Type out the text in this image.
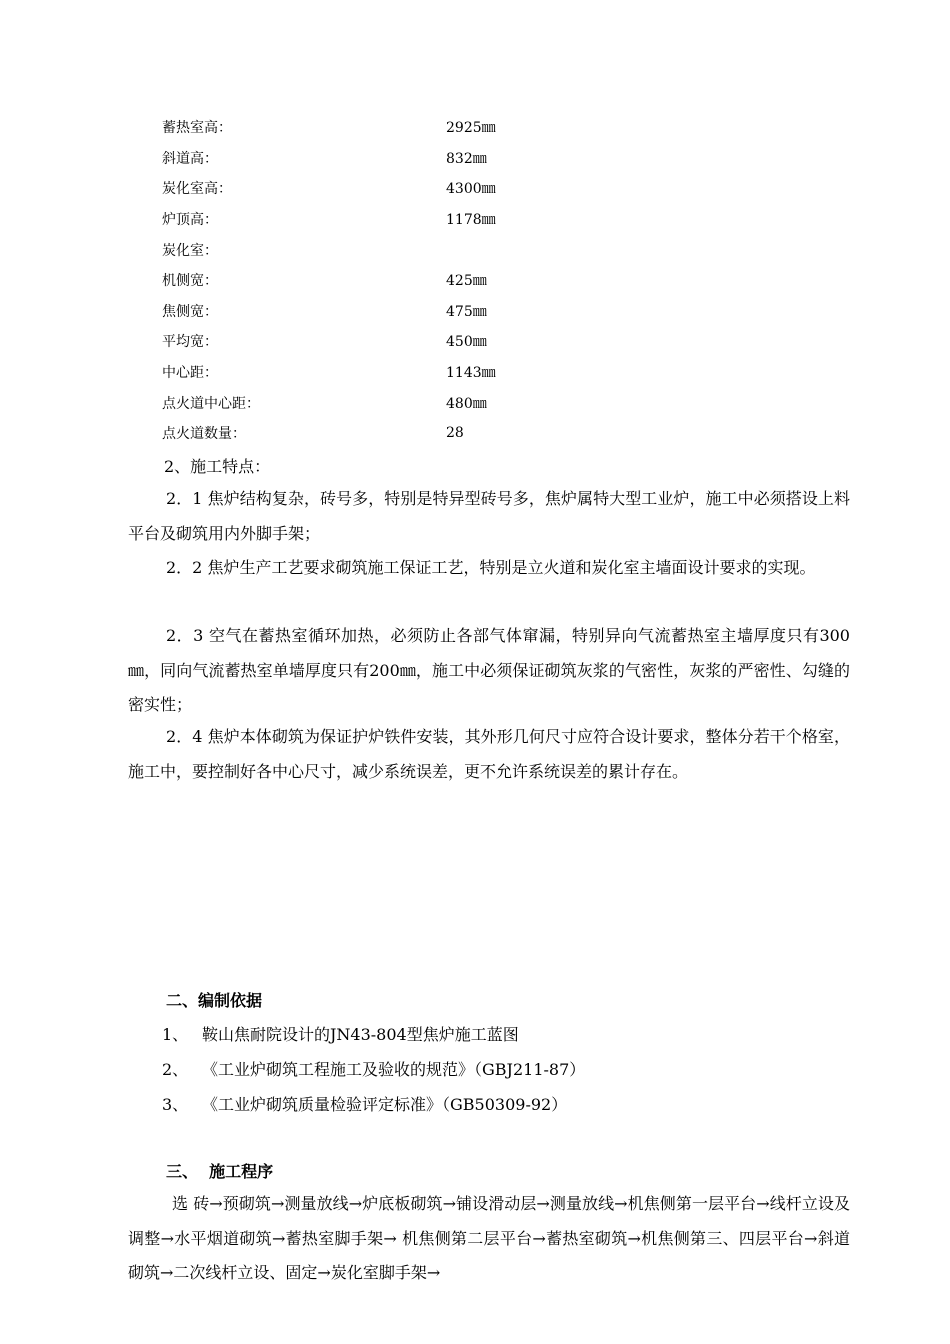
蓄热室高：	2925㎜
斜道高：	832㎜
炭化室高：	4300㎜
炉顶高：	1178㎜
炭化室：
机侧宽：	425㎜
焦侧宽：	475㎜
平均宽：	450㎜
中心距：	1143㎜
点火道中心距：	480㎜
点火道数量：	28
2、施工特点：

2．1 焦炉结构复杂，砖号多，特别是特异型砖号多，焦炉属特大型工业炉，施工中必须搭设上料平台及砌筑用内外脚手架；

2．2 焦炉生产工艺要求砌筑施工保证工艺，特别是立火道和炭化室主墙面设计要求的实现。

2．3 空气在蓄热室循环加热，必须防止各部气体窜漏，特别异向气流蓄热室主墙厚度只有300㎜，同向气流蓄热室单墙厚度只有200㎜，施工中必须保证砌筑灰浆的气密性，灰浆的严密性、勾缝的密实性；

2．4 焦炉本体砌筑为保证护炉铁件安装，其外形几何尺寸应符合设计要求，整体分若干个格室，施工中，要控制好各中心尺寸，减少系统误差，更不允许系统误差的累计存在。

二、编制依据
1、 鞍山焦耐院设计的JN43-804型焦炉施工蓝图
2、 《工业炉砌筑工程施工及验收的规范》（GBJ211-87）
3、 《工业炉砌筑质量检验评定标准》（GB50309-92）
三、  施工程序

选 砖→预砌筑→测量放线→炉底板砌筑→铺设滑动层→测量放线→机焦侧第一层平台→线杆立设及调整→水平烟道砌筑→蓄热室脚手架→ 机焦侧第二层平台→蓄热室砌筑→机焦侧第三、四层平台→斜道砌筑→二次线杆立设、固定→炭化室脚手架→
